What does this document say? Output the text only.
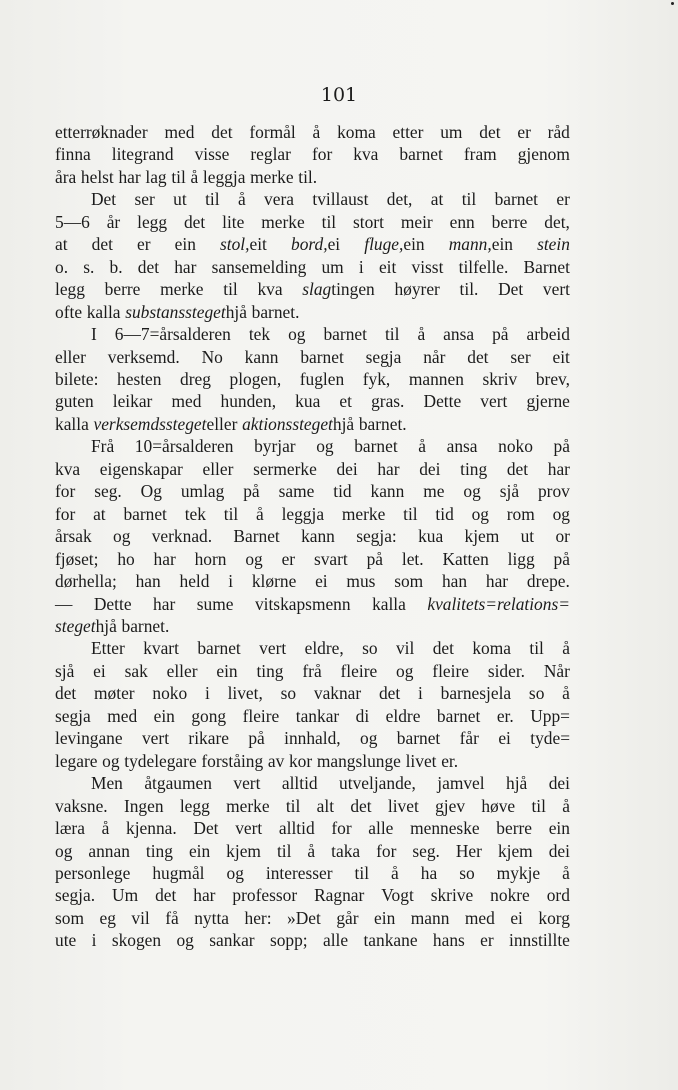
101
etterrøknader med det formål å koma etter um det er råd
finna litegrand visse reglar for kva barnet fram gjenom
åra helst har lag til å leggja merke til.
Det ser ut til å vera tvillaust det, at til barnet er
5—6 år legg det lite merke til stort meir enn berre det,
at det er ein stol,eit bord,ei fluge,ein mann,ein stein
o. s. b. det har sansemelding um i eit visst tilfelle. Barnet
legg berre merke til kva slagtingen høyrer til. Det vert
ofte kalla substansstegethjå barnet.
I 6—7=årsalderen tek og barnet til å ansa på arbeid
eller verksemd. No kann barnet segja når det ser eit
bilete: hesten dreg plogen, fuglen fyk, mannen skriv brev,
guten leikar med hunden, kua et gras. Dette vert gjerne
kalla verksemdsstegeteller aktionsstegethjå barnet.
Frå 10=årsalderen byrjar og barnet å ansa noko på
kva eigenskapar eller sermerke dei har dei ting det har
for seg. Og umlag på same tid kann me og sjå prov
for at barnet tek til å leggja merke til tid og rom og
årsak og verknad. Barnet kann segja: kua kjem ut or
fjøset; ho har horn og er svart på let. Katten ligg på
dørhella; han held i klørne ei mus som han har drepe.
— Dette har sume vitskapsmenn kalla kvalitets=relations=
stegethjå barnet.
Etter kvart barnet vert eldre, so vil det koma til å
sjå ei sak eller ein ting frå fleire og fleire sider. Når
det møter noko i livet, so vaknar det i barnesjela so å
segja med ein gong fleire tankar di eldre barnet er. Upp=
levingane vert rikare på innhald, og barnet får ei tyde=
legare og tydelegare forståing av kor mangslunge livet er.
Men åtgaumen vert alltid utveljande, jamvel hjå dei
vaksne. Ingen legg merke til alt det livet gjev høve til å
læra å kjenna. Det vert alltid for alle menneske berre ein
og annan ting ein kjem til å taka for seg. Her kjem dei
personlege hugmål og interesser til å ha so mykje å
segja. Um det har professor Ragnar Vogt skrive nokre ord
som eg vil få nytta her: »Det går ein mann med ei korg
ute i skogen og sankar sopp; alle tankane hans er innstillte
